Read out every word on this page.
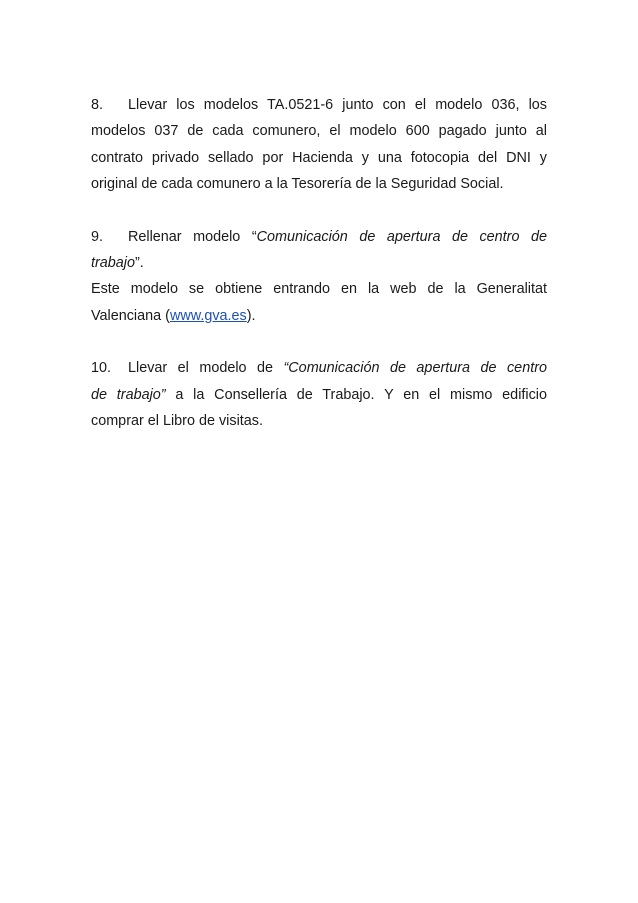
8. Llevar los modelos TA.0521-6 junto con el modelo 036, los
modelos 037 de cada comunero, el modelo 600 pagado junto al
contrato privado sellado por Hacienda y una fotocopia del DNI y
original de cada comunero a la Tesorería de la Seguridad Social.

9. Rellenar modelo “Comunicación de apertura de centro de
trabajo”.
Este modelo se obtiene entrando en la web de la Generalitat
Valenciana (www.gva.es).

10. Llevar el modelo de “Comunicación de apertura de centro
de trabajo” a la Consellería de Trabajo. Y en el mismo edificio
comprar el Libro de visitas.
